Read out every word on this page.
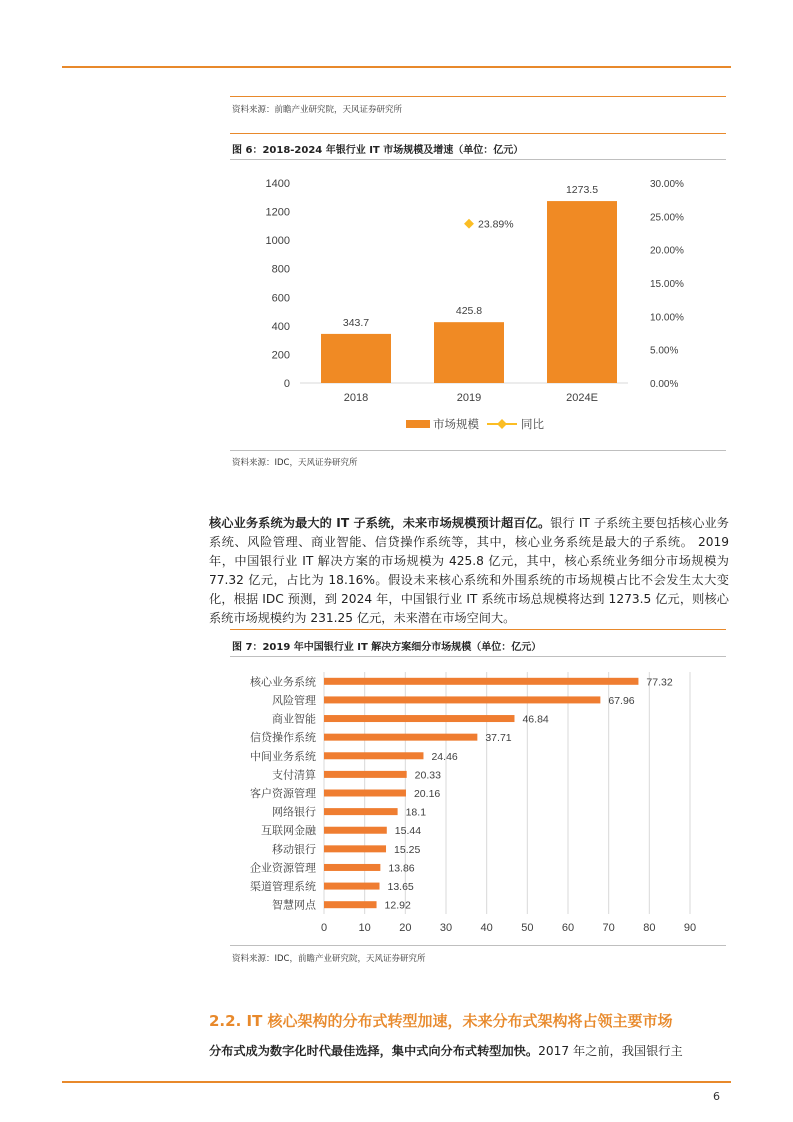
资料来源：前瞻产业研究院，天风证券研究所
图 6：2018-2024 年银行业 IT 市场规模及增速（单位：亿元）
0
200
400
600
800
1000
1200
1400
0.00%
5.00%
10.00%
15.00%
20.00%
25.00%
30.00%
343.7
2018
425.8
2019
23.89%
1273.5
2024E
市场规模	同比
资料来源：IDC，天风证券研究所
核心业务系统为最大的 IT 子系统，未来市场规模预计超百亿。银行 IT 子系统主要包括核心业务系统、风险管理、商业智能、信贷操作系统等，其中，核心业务系统是最大的子系统。 2019 年，中国银行业 IT 解决方案的市场规模为 425.8 亿元，其中，核心系统业务细分市场规模为 77.32 亿元，占比为 18.16%。假设未来核心系统和外围系统的市场规模占比不会发生太大变化，根据 IDC 预测，到 2024 年，中国银行业 IT 系统市场总规模将达到 1273.5 亿元，则核心系统市场规模约为 231.25 亿元，未来潜在市场空间大。
图 7：2019 年中国银行业 IT 解决方案细分市场规模（单位：亿元）
0	10	20	30	40	50	60	70	80	90
核心业务系统	77.32
风险管理	67.96
商业智能	46.84
信贷操作系统	37.71
中间业务系统	24.46
支付清算	20.33
客户资源管理	20.16
网络银行	18.1
互联网金融	15.44
移动银行	15.25
企业资源管理	13.86
渠道管理系统	13.65
智慧网点	12.92
资料来源：IDC，前瞻产业研究院，天风证券研究所
2.2. IT 核心架构的分布式转型加速，未来分布式架构将占领主要市场
分布式成为数字化时代最佳选择，集中式向分布式转型加快。2017 年之前，我国银行主
6
